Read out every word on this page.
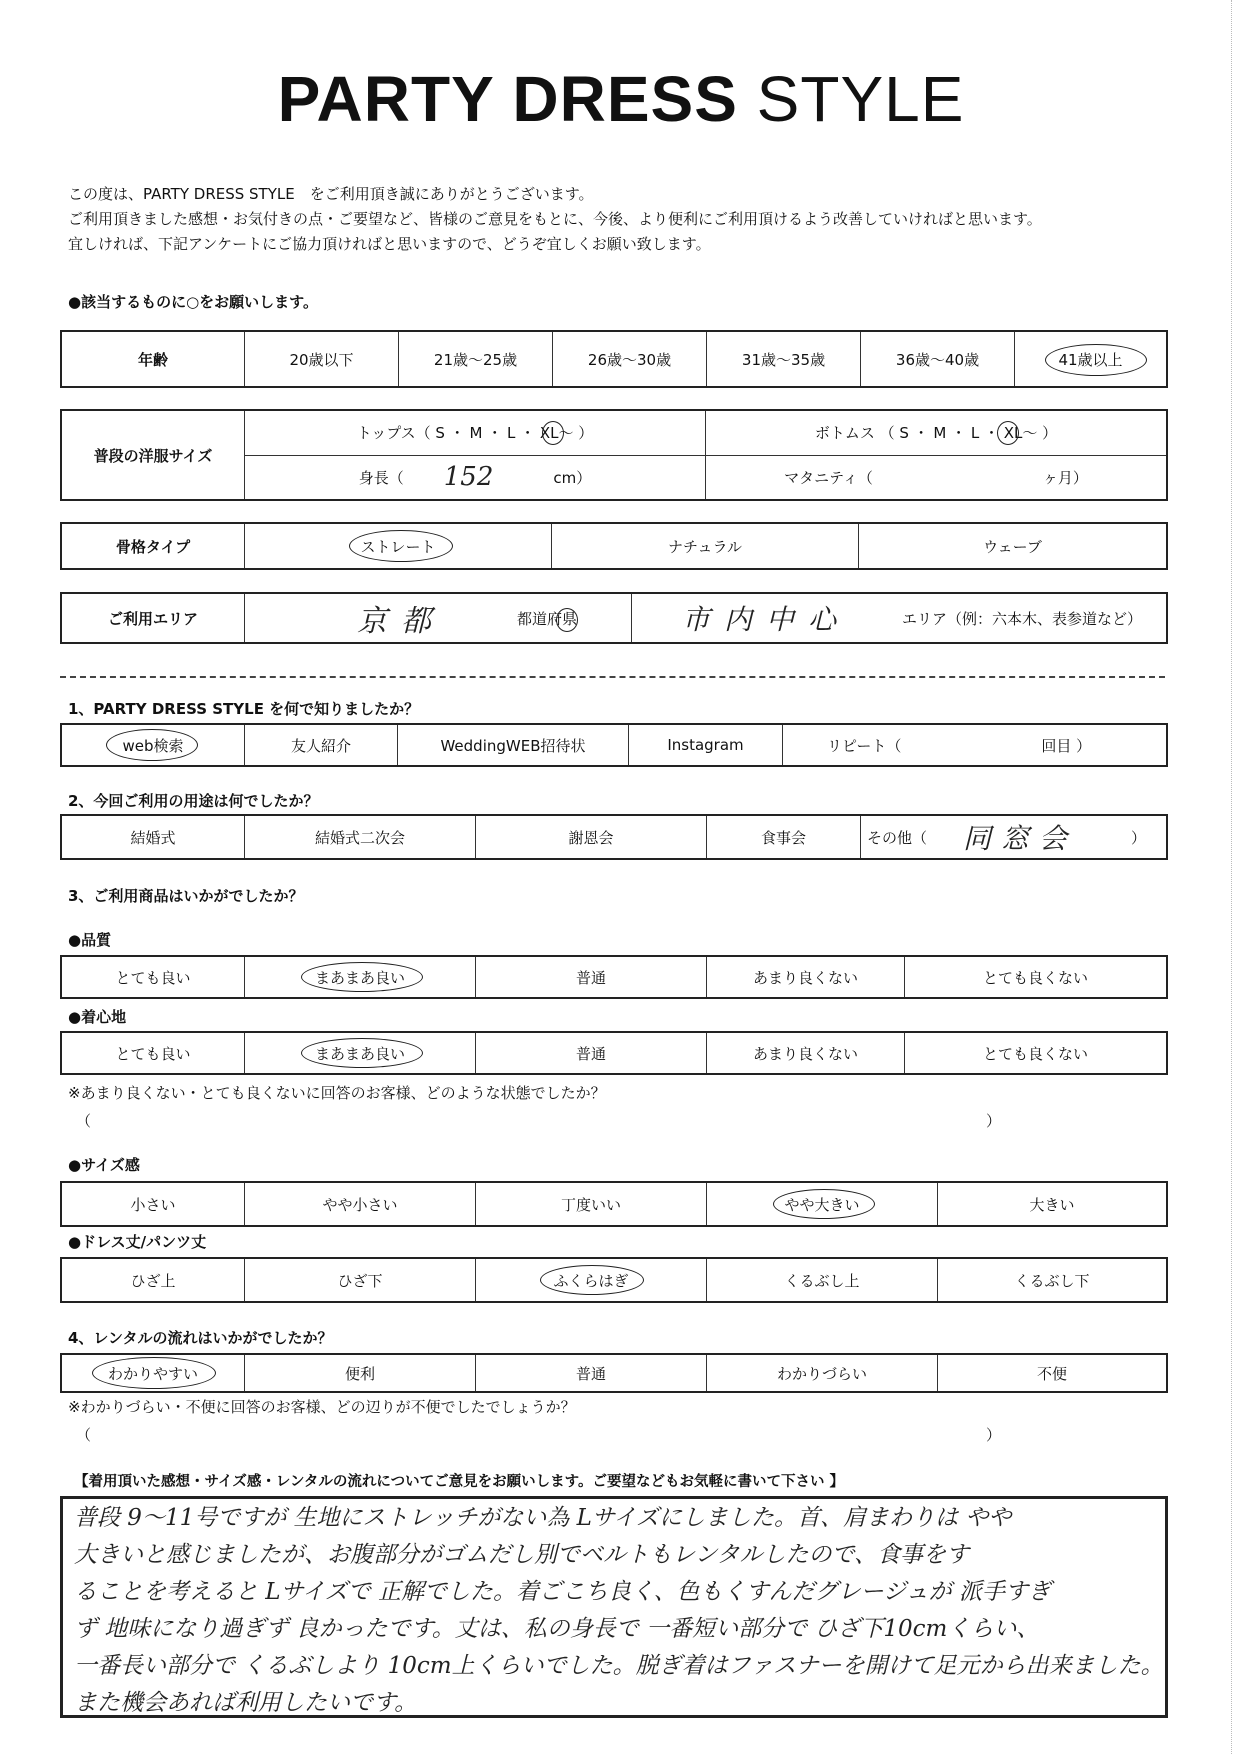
PARTY DRESS STYLE
この度は、PARTY DRESS STYLE　をご利用頂き誠にありがとうございます。
ご利用頂きました感想・お気付きの点・ご要望など、皆様のご意見をもとに、今後、より便利にご利用頂けるよう改善していければと思います。
宜しければ、下記アンケートにご協力頂ければと思いますので、どうぞ宜しくお願い致します。
●該当するものに○をお願いします。
年齢	20歳以下	21歳～25歳	26歳～30歳	31歳～35歳	36歳～40歳	41歳以上
普段の洋服サイズ
トップス（ S ・ M ・ L ・ XL～ ）	ボトムス （ S ・ M ・ L ・ XL～ ）
身長（ 152	cm）	マタニティ（	ヶ月）
骨格タイプ	ストレート	ナチュラル	ウェーブ
ご利用エリア	京都	都道府県	市内中心	エリア（例：六本木、表参道など）
1、PARTY DRESS STYLE を何で知りましたか？
web検索	友人紹介	WeddingWEB招待状	Instagram	リピート（	回目 ）
2、今回ご利用の用途は何でしたか？
結婚式	結婚式二次会	謝恩会	食事会	その他（ 同窓会	）
3、ご利用商品はいかがでしたか？
●品質
とても良い	まあまあ良い	普通	あまり良くない	とても良くない
●着心地
とても良い	まあまあ良い	普通	あまり良くない	とても良くない
※あまり良くない・とても良くないに回答のお客様、どのような状態でしたか？
（	）
●サイズ感
小さい	やや小さい	丁度いい	やや大きい	大きい
●ドレス丈/パンツ丈
ひざ上	ひざ下	ふくらはぎ	くるぶし上	くるぶし下
4、レンタルの流れはいかがでしたか？
わかりやすい	便利	普通	わかりづらい	不便
※わかりづらい・不便に回答のお客様、どの辺りが不便でしたでしょうか？
（	）
【着用頂いた感想・サイズ感・レンタルの流れについてご意見をお願いします。ご要望などもお気軽に書いて下さい 】
普段 9～11号ですが 生地にストレッチがない為 Lサイズにしました。首、肩まわりは やや
大きいと感じましたが、お腹部分がゴムだし別でベルトもレンタルしたので、食事をす
ることを考えると Lサイズで 正解でした。着ごこち良く、色もくすんだグレージュが 派手すぎ
ず 地味になり過ぎず 良かったです。丈は、私の身長で 一番短い部分で ひざ下10cmくらい、
一番長い部分で くるぶしより 10cm上くらいでした。脱ぎ着はファスナーを開けて足元から出来ました。
また機会あれば利用したいです。
